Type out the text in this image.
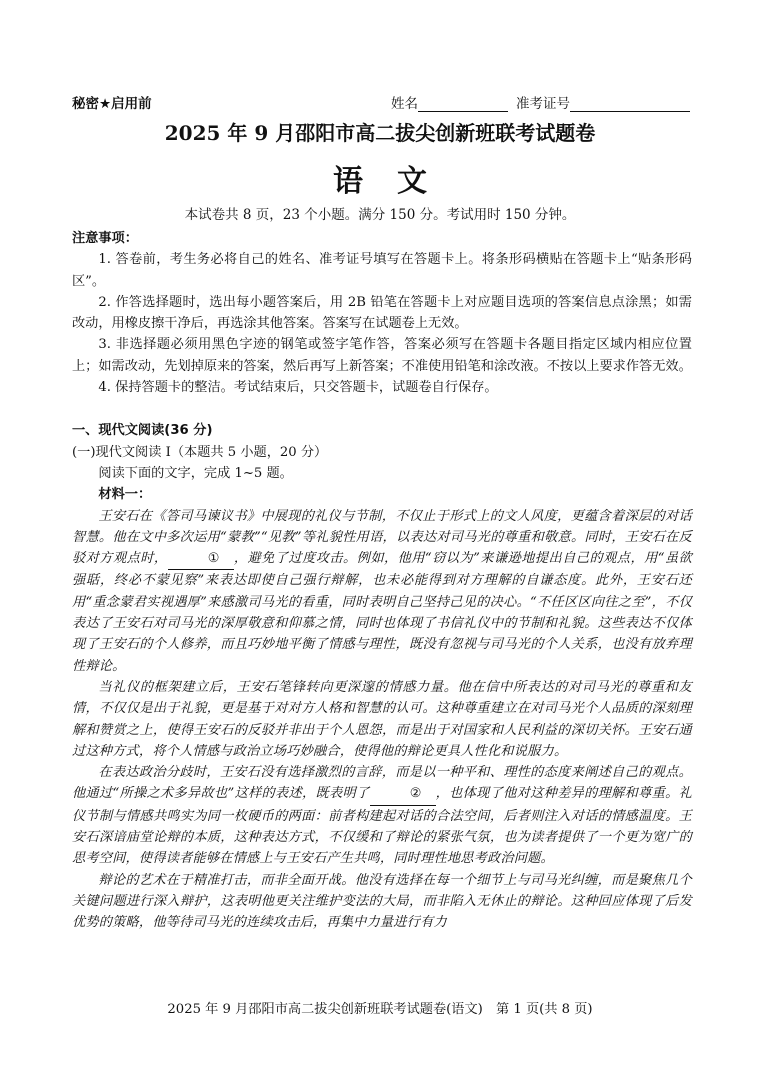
秘密★启用前	姓名	准考证号
2025 年 9 月邵阳市高二拔尖创新班联考试题卷
语文
本试卷共 8 页，23 个小题。满分 150 分。考试用时 150 分钟。
注意事项：

1. 答卷前，考生务必将自己的姓名、准考证号填写在答题卡上。将条形码横贴在答题卡上“贴条形码区”。

2. 作答选择题时，选出每小题答案后，用 2B 铅笔在答题卡上对应题目选项的答案信息点涂黑；如需改动，用橡皮擦干净后，再选涂其他答案。答案写在试题卷上无效。

3. 非选择题必须用黑色字迹的钢笔或签字笔作答，答案必须写在答题卡各题目指定区域内相应位置上；如需改动，先划掉原来的答案，然后再写上新答案；不准使用铅笔和涂改液。不按以上要求作答无效。

4. 保持答题卡的整洁。考试结束后，只交答题卡，试题卷自行保存。

一、现代文阅读(36 分)
(一)现代文阅读 I（本题共 5 小题，20 分）
阅读下面的文字，完成 1~5 题。
材料一：

王安石在《答司马谏议书》中展现的礼仪与节制，不仅止于形式上的文人风度，更蕴含着深层的对话智慧。他在文中多次运用“蒙教”“见教”等礼貌性用语，以表达对司马光的尊重和敬意。同时，王安石在反驳对方观点时，	① ，避免了过度攻击。例如，他用“窃以为”来谦逊地提出自己的观点，用“虽欲强聒，终必不蒙见察”来表达即使自己强行辩解，也未必能得到对方理解的自谦态度。此外，王安石还用“重念蒙君实视遇厚”来感激司马光的看重，同时表明自己坚持己见的决心。“不任区区向往之至”，不仅表达了王安石对司马光的深厚敬意和仰慕之情，同时也体现了书信礼仪中的节制和礼貌。这些表达不仅体现了王安石的个人修养，而且巧妙地平衡了情感与理性，既没有忽视与司马光的个人关系，也没有放弃理性辩论。

当礼仪的框架建立后，王安石笔锋转向更深邃的情感力量。他在信中所表达的对司马光的尊重和友情，不仅仅是出于礼貌，更是基于对对方人格和智慧的认可。这种尊重建立在对司马光个人品质的深刻理解和赞赏之上，使得王安石的反驳并非出于个人恩怨，而是出于对国家和人民利益的深切关怀。王安石通过这种方式，将个人情感与政治立场巧妙融合，使得他的辩论更具人性化和说服力。

在表达政治分歧时，王安石没有选择激烈的言辞，而是以一种平和、理性的态度来阐述自己的观点。他通过“所操之术多异故也”这样的表述，既表明了	② ，也体现了他对这种差异的理解和尊重。礼仪节制与情感共鸣实为同一枚硬币的两面：前者构建起对话的合法空间，后者则注入对话的情感温度。王安石深谙庙堂论辩的本质，这种表达方式，不仅缓和了辩论的紧张气氛，也为读者提供了一个更为宽广的思考空间，使得读者能够在情感上与王安石产生共鸣，同时理性地思考政治问题。

辩论的艺术在于精准打击，而非全面开战。他没有选择在每一个细节上与司马光纠缠，而是聚焦几个关键问题进行深入辩护，这表明他更关注维护变法的大局，而非陷入无休止的辩论。这种回应体现了后发优势的策略，他等待司马光的连续攻击后，再集中力量进行有力

2025 年 9 月邵阳市高二拔尖创新班联考试题卷(语文)　第 1 页(共 8 页)
